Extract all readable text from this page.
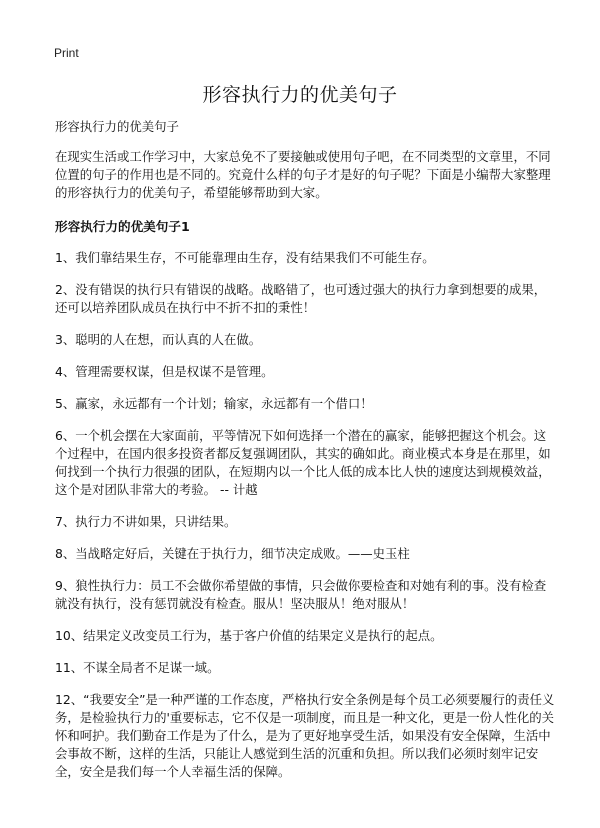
Print
形容执行力的优美句子

形容执行力的优美句子

在现实生活或工作学习中，大家总免不了要接触或使用句子吧，在不同类型的文章里，不同位置的句子的作用也是不同的。究竟什么样的句子才是好的句子呢？下面是小编帮大家整理的形容执行力的优美句子，希望能够帮助到大家。

形容执行力的优美句子1

1、我们靠结果生存，不可能靠理由生存，没有结果我们不可能生存。

2、没有错误的执行只有错误的战略。战略错了，也可透过强大的执行力拿到想要的成果，还可以培养团队成员在执行中不折不扣的秉性！

3、聪明的人在想，而认真的人在做。

4、管理需要权谋，但是权谋不是管理。

5、赢家，永远都有一个计划；输家，永远都有一个借口！

6、一个机会摆在大家面前，平等情况下如何选择一个潜在的赢家，能够把握这个机会。这个过程中，在国内很多投资者都反复强调团队，其实的确如此。商业模式本身是在那里，如何找到一个执行力很强的团队，在短期内以一个比人低的成本比人快的速度达到规模效益，这个是对团队非常大的考验。 -- 计越

7、执行力不讲如果，只讲结果。

8、当战略定好后，关键在于执行力，细节决定成败。——史玉柱

9、狼性执行力：员工不会做你希望做的事情，只会做你要检查和对她有利的事。没有检查就没有执行，没有惩罚就没有检查。服从！坚决服从！绝对服从！

10、结果定义改变员工行为，基于客户价值的结果定义是执行的起点。

11、不谋全局者不足谋一域。

12、“我要安全”是一种严谨的工作态度，严格执行安全条例是每个员工必须要履行的责任义务，是检验执行力的'重要标志，它不仅是一项制度，而且是一种文化，更是一份人性化的关怀和呵护。我们勤奋工作是为了什么，是为了更好地享受生活，如果没有安全保障，生活中会事故不断，这样的生活，只能让人感觉到生活的沉重和负担。所以我们必须时刻牢记安全，安全是我们每一个人幸福生活的保障。
